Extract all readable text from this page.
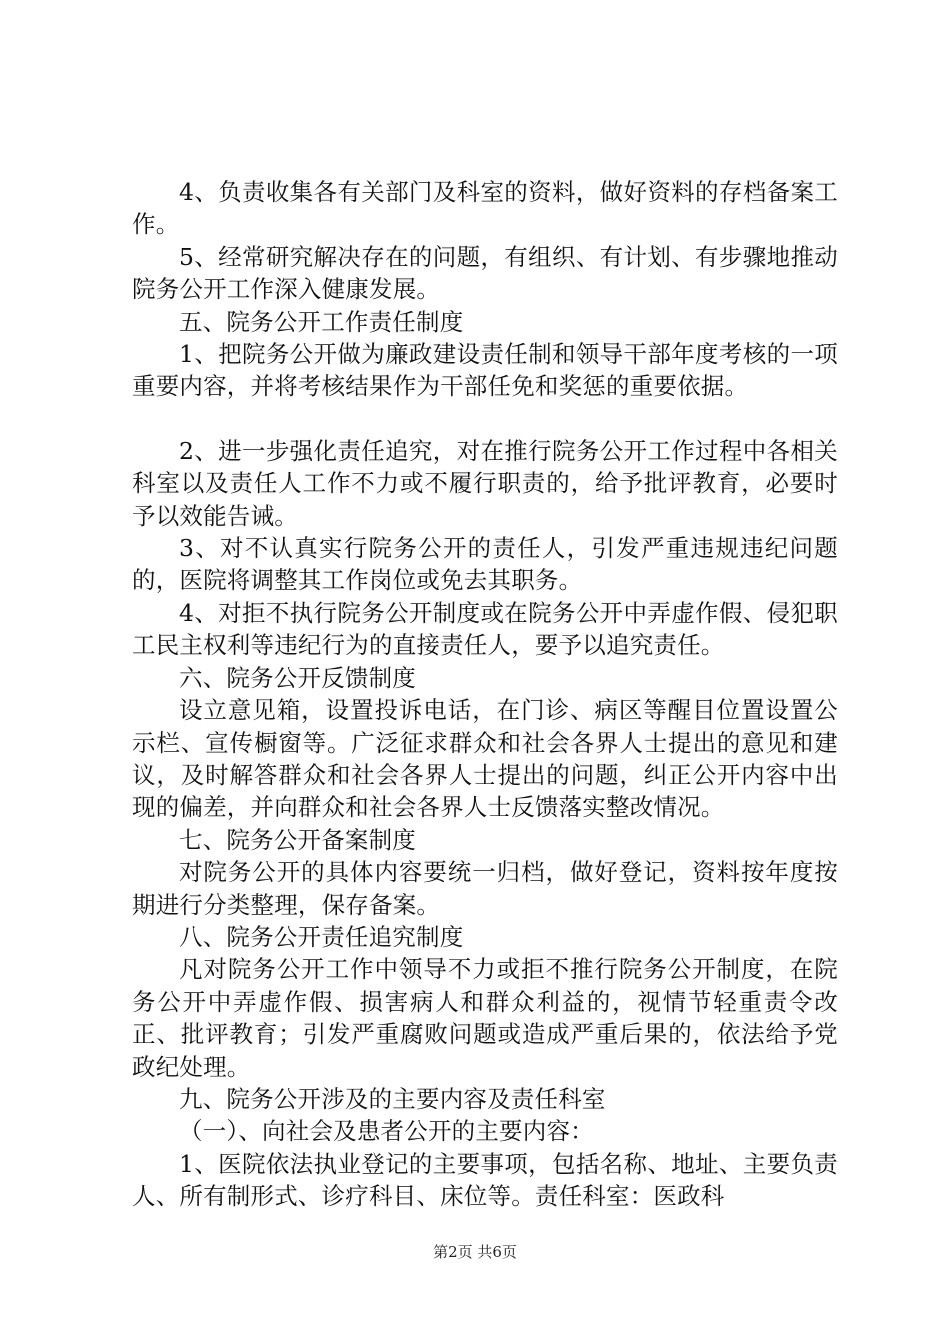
4、负责收集各有关部门及科室的资料，做好资料的存档备案工作。

5、经常研究解决存在的问题，有组织、有计划、有步骤地推动院务公开工作深入健康发展。

五、院务公开工作责任制度

1、把院务公开做为廉政建设责任制和领导干部年度考核的一项重要内容，并将考核结果作为干部任免和奖惩的重要依据。

2、进一步强化责任追究，对在推行院务公开工作过程中各相关科室以及责任人工作不力或不履行职责的，给予批评教育，必要时予以效能告诫。

3、对不认真实行院务公开的责任人，引发严重违规违纪问题的，医院将调整其工作岗位或免去其职务。

4、对拒不执行院务公开制度或在院务公开中弄虚作假、侵犯职工民主权利等违纪行为的直接责任人，要予以追究责任。

六、院务公开反馈制度

设立意见箱，设置投诉电话，在门诊、病区等醒目位置设置公示栏、宣传橱窗等。广泛征求群众和社会各界人士提出的意见和建议，及时解答群众和社会各界人士提出的问题，纠正公开内容中出现的偏差，并向群众和社会各界人士反馈落实整改情况。

七、院务公开备案制度

对院务公开的具体内容要统一归档，做好登记，资料按年度按期进行分类整理，保存备案。

八、院务公开责任追究制度

凡对院务公开工作中领导不力或拒不推行院务公开制度，在院务公开中弄虚作假、损害病人和群众利益的，视情节轻重责令改正、批评教育；引发严重腐败问题或造成严重后果的，依法给予党政纪处理。

九、院务公开涉及的主要内容及责任科室

（一）、向社会及患者公开的主要内容：

1、医院依法执业登记的主要事项，包括名称、地址、主要负责人、所有制形式、诊疗科目、床位等。责任科室：医政科

第2页 共6页
